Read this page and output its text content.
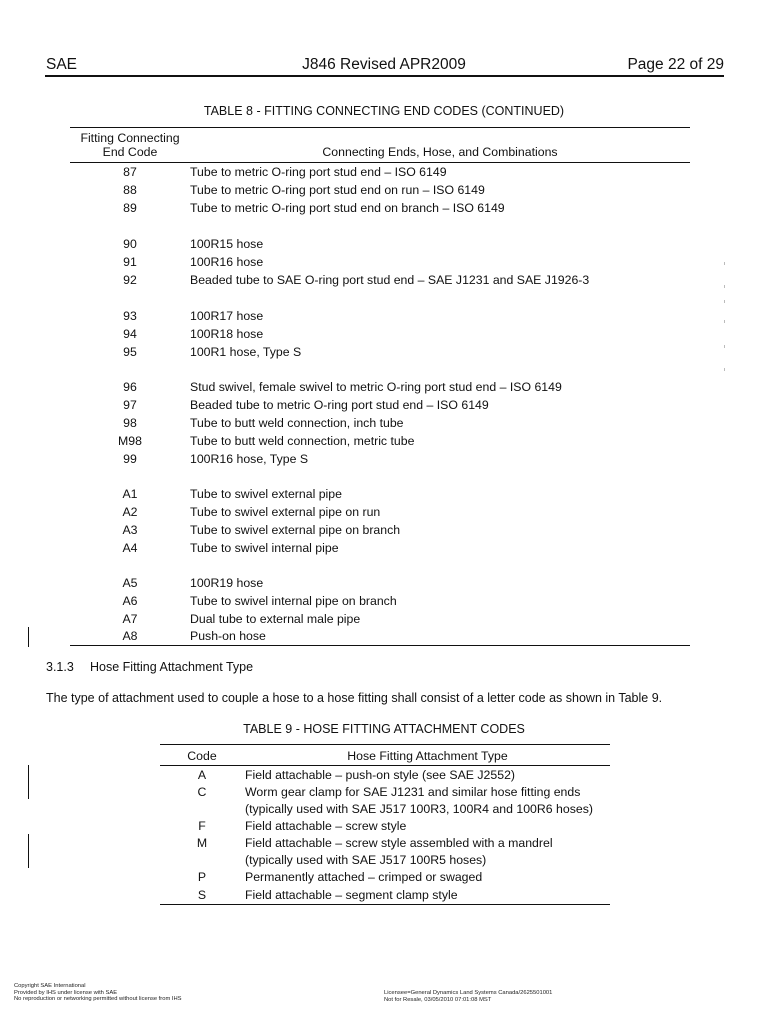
SAE	J846 Revised APR2009	Page 22 of 29
TABLE 8 - FITTING CONNECTING END CODES (CONTINUED)
Fitting Connecting
End Code	Connecting Ends, Hose, and Combinations
87	Tube to metric O-ring port stud end – ISO 6149
88	Tube to metric O-ring port stud end on run – ISO 6149
89	Tube to metric O-ring port stud end on branch – ISO 6149
90	100R15 hose
91	100R16 hose
92	Beaded tube to SAE O-ring port stud end – SAE J1231 and SAE J1926-3
93	100R17 hose
94	100R18 hose
95	100R1 hose, Type S
96	Stud swivel, female swivel to metric O-ring port stud end – ISO 6149
97	Beaded tube to metric O-ring port stud end – ISO 6149
98	Tube to butt weld connection, inch tube
M98	Tube to butt weld connection, metric tube
99	100R16 hose, Type S
A1	Tube to swivel external pipe
A2	Tube to swivel external pipe on run
A3	Tube to swivel external pipe on branch
A4	Tube to swivel internal pipe
A5	100R19 hose
A6	Tube to swivel internal pipe on branch
A7	Dual tube to external male pipe
A8	Push-on hose
3.1.3 Hose Fitting Attachment Type
The type of attachment used to couple a hose to a hose fitting shall consist of a letter code as shown in Table 9.
TABLE 9 - HOSE FITTING ATTACHMENT CODES
Code	Hose Fitting Attachment Type
A	Field attachable – push-on style (see SAE J2552)
C	Worm gear clamp for SAE J1231 and similar hose fitting ends
(typically used with SAE J517 100R3, 100R4 and 100R6 hoses)
F	Field attachable – screw style
M	Field attachable – screw style assembled with a mandrel
(typically used with SAE J517 100R5 hoses)
P	Permanently attached – crimped or swaged
S	Field attachable – segment clamp style
Copyright SAE International
Provided by IHS under license with SAE
No reproduction or networking permitted without license from IHS
Licensee=General Dynamics Land Systems Canada/2625501001
Not for Resale, 03/05/2010 07:01:08 MST
